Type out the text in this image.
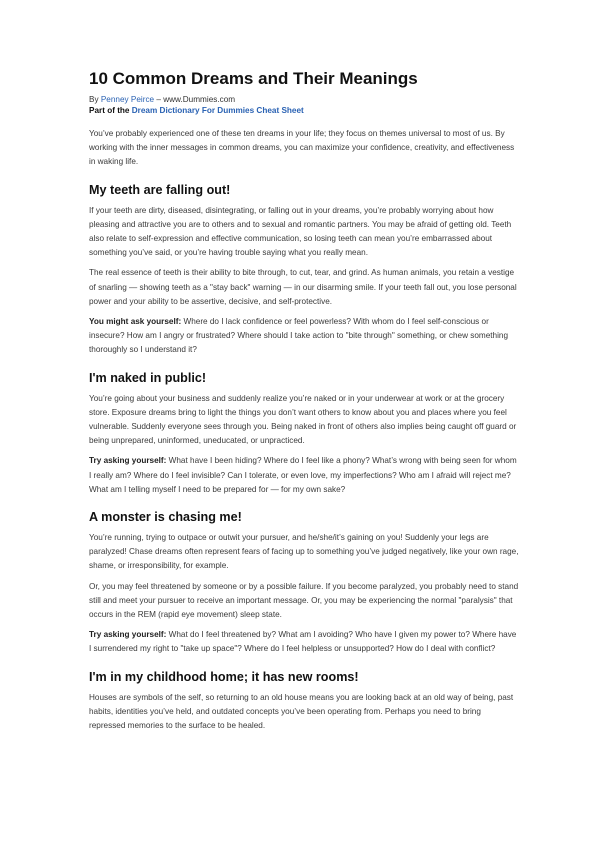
10 Common Dreams and Their Meanings
By Penney Peirce – www.Dummies.com
Part of the Dream Dictionary For Dummies Cheat Sheet

You’ve probably experienced one of these ten dreams in your life; they focus on themes universal to most of us. By working with the inner messages in common dreams, you can maximize your confidence, creativity, and effectiveness in waking life.

My teeth are falling out!

If your teeth are dirty, diseased, disintegrating, or falling out in your dreams, you’re probably worrying about how pleasing and attractive you are to others and to sexual and romantic partners. You may be afraid of getting old. Teeth also relate to self-expression and effective communication, so losing teeth can mean you’re embarrassed about something you’ve said, or you’re having trouble saying what you really mean.

The real essence of teeth is their ability to bite through, to cut, tear, and grind. As human animals, you retain a vestige of snarling — showing teeth as a "stay back" warning — in our disarming smile. If your teeth fall out, you lose personal power and your ability to be assertive, decisive, and self-protective.

You might ask yourself: Where do I lack confidence or feel powerless? With whom do I feel self-conscious or insecure? How am I angry or frustrated? Where should I take action to "bite through" something, or chew something thoroughly so I understand it?

I'm naked in public!

You’re going about your business and suddenly realize you’re naked or in your underwear at work or at the grocery store. Exposure dreams bring to light the things you don’t want others to know about you and places where you feel vulnerable. Suddenly everyone sees through you. Being naked in front of others also implies being caught off guard or being unprepared, uninformed, uneducated, or unpracticed.

Try asking yourself: What have I been hiding? Where do I feel like a phony? What’s wrong with being seen for whom I really am? Where do I feel invisible? Can I tolerate, or even love, my imperfections? Who am I afraid will reject me? What am I telling myself I need to be prepared for — for my own sake?

A monster is chasing me!

You’re running, trying to outpace or outwit your pursuer, and he/she/it’s gaining on you! Suddenly your legs are paralyzed! Chase dreams often represent fears of facing up to something you’ve judged negatively, like your own rage, shame, or irresponsibility, for example.

Or, you may feel threatened by someone or by a possible failure. If you become paralyzed, you probably need to stand still and meet your pursuer to receive an important message. Or, you may be experiencing the normal "paralysis" that occurs in the REM (rapid eye movement) sleep state.

Try asking yourself: What do I feel threatened by? What am I avoiding? Who have I given my power to? Where have I surrendered my right to "take up space"? Where do I feel helpless or unsupported? How do I deal with conflict?

I'm in my childhood home; it has new rooms!

Houses are symbols of the self, so returning to an old house means you are looking back at an old way of being, past habits, identities you’ve held, and outdated concepts you’ve been operating from. Perhaps you need to bring repressed memories to the surface to be healed.
